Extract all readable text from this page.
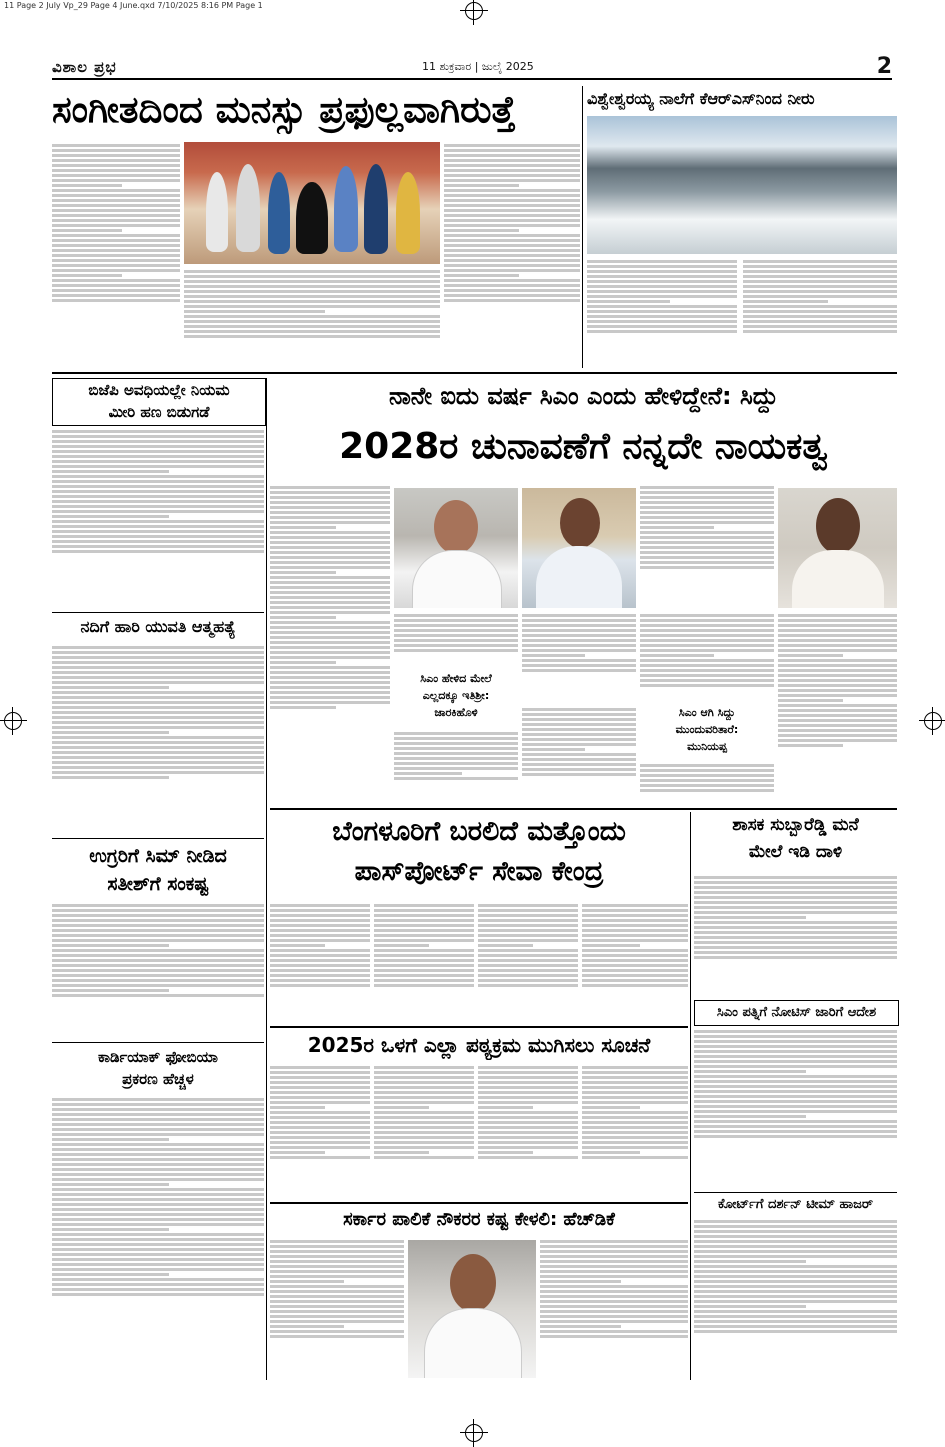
11 Page 2 July Vp_29 Page 4 June.qxd 7/10/2025 8:16 PM Page 1
ವಿಶಾಲ ಪ್ರಭ	11 ಶುಕ್ರವಾರ | ಜುಲೈ 2025	2
ಸಂಗೀತದಿಂದ ಮನಸ್ಸು ಪ್ರಫುಲ್ಲವಾಗಿರುತ್ತೆ	ವಿಶ್ವೇಶ್ವರಯ್ಯ ನಾಲೆಗೆ ಕೆಆರ್‌ಎಸ್‌ನಿಂದ ನೀರು
ಬಿಜೆಪಿ ಅವಧಿಯಲ್ಲೇ ನಿಯಮ
ಮೀರಿ ಹಣ ಬಿಡುಗಡೆ
ನದಿಗೆ ಹಾರಿ ಯುವತಿ ಆತ್ಮಹತ್ಯೆ
ಉಗ್ರರಿಗೆ ಸಿಮ್ ನೀಡಿದ
ಸತೀಶ್‌ಗೆ ಸಂಕಷ್ಟ
ಕಾರ್ಡಿಯಾಕ್ ಫೋಬಿಯಾ
ಪ್ರಕರಣ ಹೆಚ್ಚಳ
ನಾನೇ ಐದು ವರ್ಷ ಸಿಎಂ ಎಂದು ಹೇಳಿದ್ದೇನೆ: ಸಿದ್ದು
2028ರ ಚುನಾವಣೆಗೆ ನನ್ನದೇ ನಾಯಕತ್ವ
ಸಿಎಂ ಹೇಳಿದ ಮೇಲೆ
ಎಲ್ಲದಕ್ಕೂ ಇತಿಶ್ರೀ:
ಜಾರಕಿಹೊಳಿ	ಸಿಎಂ ಆಗಿ ಸಿದ್ದು
ಮುಂದುವರಿತಾರೆ:
ಮುನಿಯಪ್ಪ
ಬೆಂಗಳೂರಿಗೆ ಬರಲಿದೆ ಮತ್ತೊಂದು
ಪಾಸ್‌ಪೋರ್ಟ್ ಸೇವಾ ಕೇಂದ್ರ
ಶಾಸಕ ಸುಬ್ಬಾರೆಡ್ಡಿ ಮನೆ
ಮೇಲೆ ಇಡಿ ದಾಳಿ
ಸಿಎಂ ಪತ್ನಿಗೆ ನೋಟಿಸ್ ಜಾರಿಗೆ ಆದೇಶ
ಕೋರ್ಟ್‌ಗೆ ದರ್ಶನ್ ಟೀಮ್ ಹಾಜರ್
2025ರ ಒಳಗೆ ಎಲ್ಲಾ ಪಠ್ಯಕ್ರಮ ಮುಗಿಸಲು ಸೂಚನೆ
ಸರ್ಕಾರ ಪಾಲಿಕೆ ನೌಕರರ ಕಷ್ಟ ಕೇಳಲಿ: ಹೆಚ್‌ಡಿಕೆ
